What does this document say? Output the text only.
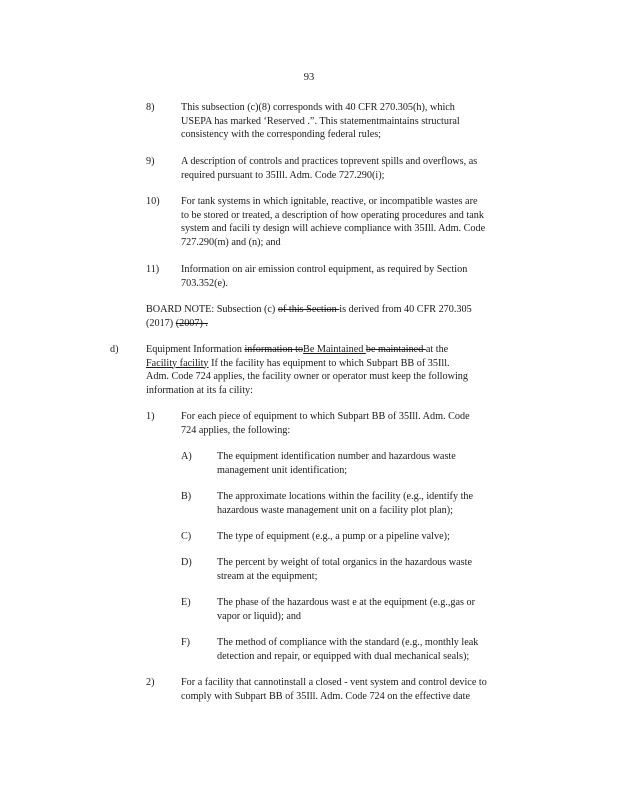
93
8)	This subsection (c)(8) corresponds with 40 CFR 270.305(h), which
USEPA has marked ‘Reserved .”. This statementmaintains structural
consistency with the corresponding federal rules;
9)	A description of controls and practices toprevent spills and overflows, as
required pursuant to 35Ill. Adm. Code 727.290(i);
10) For tank systems in which ignitable, reactive, or incompatible wastes are
to be stored or treated, a description of how operating procedures and tank
system and facili ty design will achieve compliance with 35Ill. Adm. Code
727.290(m) and (n); and
11) Information on air emission control equipment, as required by Section
703.352(e).
BOARD NOTE: Subsection (c) of this Section is derived from 40 CFR 270.305
(2017) (2007) .
d)	Equipment Information information toBe Maintained be maintained at the
Facility facility If the facility has equipment to which Subpart BB of 35Ill.
Adm. Code 724 applies, the facility owner or operator must keep the following
information at its fa cility:
1)	For each piece of equipment to which Subpart BB of 35Ill. Adm. Code
724 applies, the following:
A) The equipment identification number and hazardous waste
management unit identification;
B)	The approximate locations within the facility (e.g., identify the
hazardous waste management unit on a facility plot plan);
C)	The type of equipment (e.g., a pump or a pipeline valve);
D) The percent by weight of total organics in the hazardous waste
stream at the equipment;
E)	The phase of the hazardous wast e at the equipment (e.g.,gas or
vapor or liquid); and
F)	The method of compliance with the standard (e.g., monthly leak
detection and repair, or equipped with dual mechanical seals);
2)	For a facility that cannotinstall a closed - vent system and control device to
comply with Subpart BB of 35Ill. Adm. Code 724 on the effective date
